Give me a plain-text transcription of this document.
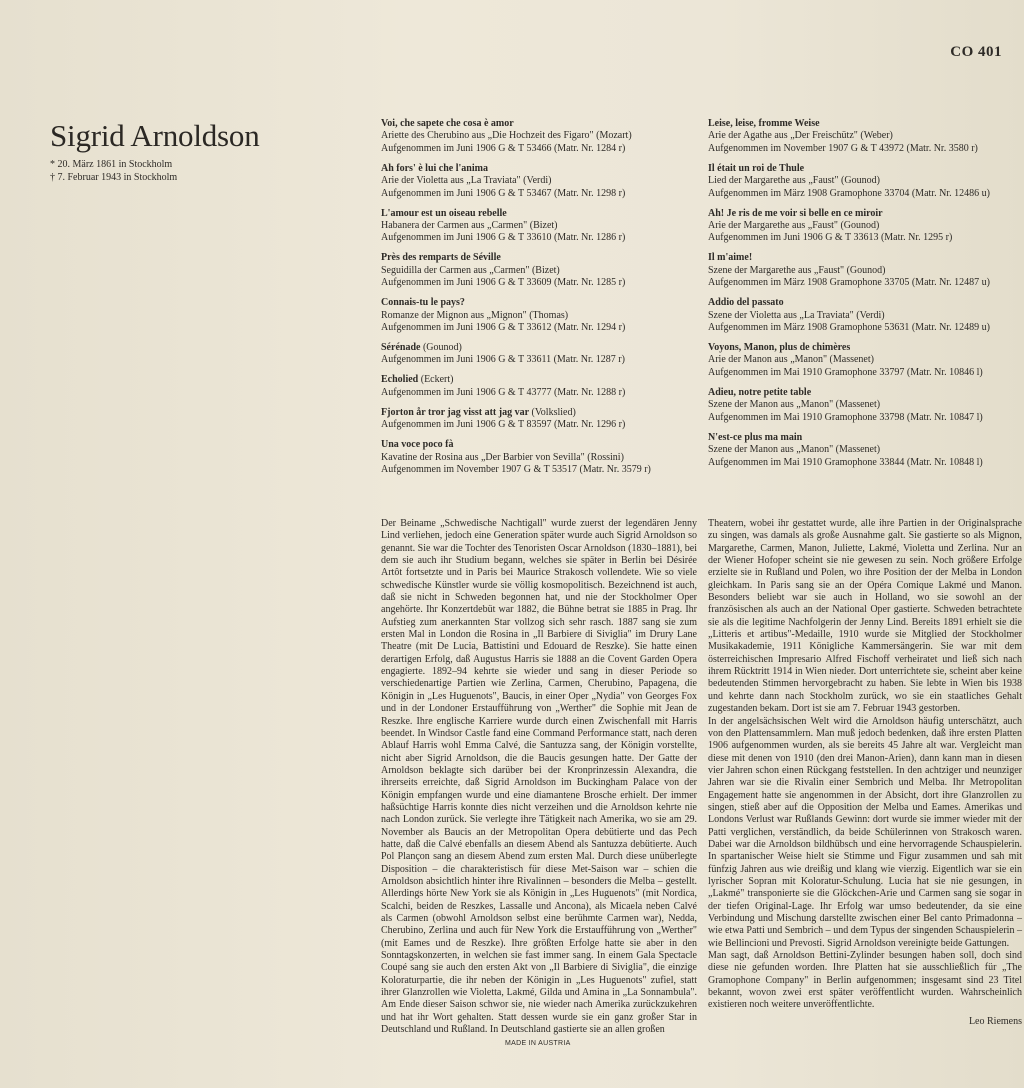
CO 401
Sigrid Arnoldson
* 20. März 1861 in Stockholm
† 7. Februar 1943 in Stockholm
Voi, che sapete che cosa è amor
Ariette des Cherubino aus „Die Hochzeit des Figaro" (Mozart)
Aufgenommen im Juni 1906 G & T 53466 (Matr. Nr. 1284 r)
Ah fors' è lui che l'anima
Arie der Violetta aus „La Traviata" (Verdi)
Aufgenommen im Juni 1906 G & T 53467 (Matr. Nr. 1298 r)
L'amour est un oiseau rebelle
Habanera der Carmen aus „Carmen" (Bizet)
Aufgenommen im Juni 1906 G & T 33610 (Matr. Nr. 1286 r)
Près des remparts de Séville
Seguidilla der Carmen aus „Carmen" (Bizet)
Aufgenommen im Juni 1906 G & T 33609 (Matr. Nr. 1285 r)
Connais-tu le pays?
Romanze der Mignon aus „Mignon" (Thomas)
Aufgenommen im Juni 1906 G & T 33612 (Matr. Nr. 1294 r)
Sérénade (Gounod)
Aufgenommen im Juni 1906 G & T 33611 (Matr. Nr. 1287 r)
Echolied (Eckert)
Aufgenommen im Juni 1906 G & T 43777 (Matr. Nr. 1288 r)
Fjorton år tror jag visst att jag var (Volkslied)
Aufgenommen im Juni 1906 G & T 83597 (Matr. Nr. 1296 r)
Una voce poco fà
Kavatine der Rosina aus „Der Barbier von Sevilla" (Rossini)
Aufgenommen im November 1907 G & T 53517 (Matr. Nr. 3579 r)
Leise, leise, fromme Weise
Arie der Agathe aus „Der Freischütz" (Weber)
Aufgenommen im November 1907 G & T 43972 (Matr. Nr. 3580 r)
Il était un roi de Thule
Lied der Margarethe aus „Faust" (Gounod)
Aufgenommen im März 1908 Gramophone 33704 (Matr. Nr. 12486 u)
Ah! Je ris de me voir si belle en ce miroir
Arie der Margarethe aus „Faust" (Gounod)
Aufgenommen im Juni 1906 G & T 33613 (Matr. Nr. 1295 r)
Il m'aime!
Szene der Margarethe aus „Faust" (Gounod)
Aufgenommen im März 1908 Gramophone 33705 (Matr. Nr. 12487 u)
Addio del passato
Szene der Violetta aus „La Traviata" (Verdi)
Aufgenommen im März 1908 Gramophone 53631 (Matr. Nr. 12489 u)
Voyons, Manon, plus de chimères
Arie der Manon aus „Manon" (Massenet)
Aufgenommen im Mai 1910 Gramophone 33797 (Matr. Nr. 10846 l)
Adieu, notre petite table
Szene der Manon aus „Manon" (Massenet)
Aufgenommen im Mai 1910 Gramophone 33798 (Matr. Nr. 10847 l)
N'est-ce plus ma main
Szene der Manon aus „Manon" (Massenet)
Aufgenommen im Mai 1910 Gramophone 33844 (Matr. Nr. 10848 l)

Der Beiname „Schwedische Nachtigall" wurde zuerst der legendären Jenny Lind verliehen, jedoch eine Generation später wurde auch Sigrid Arnoldson so genannt. Sie war die Tochter des Tenoristen Oscar Arnoldson (1830–1881), bei dem sie auch ihr Studium begann, welches sie später in Berlin bei Désirée Artôt fortsetzte und in Paris bei Maurice Strakosch vollendete. Wie so viele schwedische Künstler wurde sie völlig kosmopolitisch. Bezeichnend ist auch, daß sie nicht in Schweden begonnen hat, und nie der Stockholmer Oper angehörte. Ihr Konzertdebüt war 1882, die Bühne betrat sie 1885 in Prag. Ihr Aufstieg zum anerkannten Star vollzog sich sehr rasch. 1887 sang sie zum ersten Mal in London die Rosina in „Il Barbiere di Siviglia" im Drury Lane Theatre (mit De Lucia, Battistini und Edouard de Reszke). Sie hatte einen derartigen Erfolg, daß Augustus Harris sie 1888 an die Covent Garden Opera engagierte. 1892–94 kehrte sie wieder und sang in dieser Periode so verschiedenartige Partien wie Zerlina, Carmen, Cherubino, Papagena, die Königin in „Les Huguenots", Baucis, in einer Oper „Nydia" von Georges Fox und in der Londoner Erstaufführung von „Werther" die Sophie mit Jean de Reszke. Ihre englische Karriere wurde durch einen Zwischenfall mit Harris beendet. In Windsor Castle fand eine Command Performance statt, nach deren Ablauf Harris wohl Emma Calvé, die Santuzza sang, der Königin vorstellte, nicht aber Sigrid Arnoldson, die die Baucis gesungen hatte. Der Gatte der Arnoldson beklagte sich darüber bei der Kronprinzessin Alexandra, die ihrerseits erreichte, daß Sigrid Arnoldson im Buckingham Palace von der Königin empfangen wurde und eine diamantene Brosche erhielt. Der immer haßsüchtige Harris konnte dies nicht verzeihen und die Arnoldson kehrte nie nach London zurück. Sie verlegte ihre Tätigkeit nach Amerika, wo sie am 29. November als Baucis an der Metropolitan Opera debütierte und das Pech hatte, daß die Calvé ebenfalls an diesem Abend als Santuzza debütierte. Auch Pol Plançon sang an diesem Abend zum ersten Mal. Durch diese unüberlegte Disposition – die charakteristisch für diese Met-Saison war – schien die Arnoldson absichtlich hinter ihre Rivalinnen – besonders die Melba – gestellt. Allerdings hörte New York sie als Königin in „Les Huguenots" (mit Nordica, Scalchi, beiden de Reszkes, Lassalle und Ancona), als Micaela neben Calvé als Carmen (obwohl Arnoldson selbst eine berühmte Carmen war), Nedda, Cherubino, Zerlina und auch für New York die Erstaufführung von „Werther" (mit Eames und de Reszke). Ihre größten Erfolge hatte sie aber in den Sonntagskonzerten, in welchen sie fast immer sang. In einem Gala Spectacle Coupé sang sie auch den ersten Akt von „Il Barbiere di Siviglia", die einzige Koloraturpartie, die ihr neben der Königin in „Les Huguenots" zufiel, statt ihrer Glanzrollen wie Violetta, Lakmé, Gilda und Amina in „La Sonnambula". Am Ende dieser Saison schwor sie, nie wieder nach Amerika zurückzukehren und hat ihr Wort gehalten. Statt dessen wurde sie ein ganz großer Star in Deutschland und Rußland. In Deutschland gastierte sie an allen großen

Theatern, wobei ihr gestattet wurde, alle ihre Partien in der Originalsprache zu singen, was damals als große Ausnahme galt. Sie gastierte so als Mignon, Margarethe, Carmen, Manon, Juliette, Lakmé, Violetta und Zerlina. Nur an der Wiener Hofoper scheint sie nie gewesen zu sein. Noch größere Erfolge erzielte sie in Rußland und Polen, wo ihre Position der der Melba in London gleichkam. In Paris sang sie an der Opéra Comique Lakmé und Manon. Besonders beliebt war sie auch in Holland, wo sie sowohl an der französischen als auch an der National Oper gastierte. Schweden betrachtete sie als die legitime Nachfolgerin der Jenny Lind. Bereits 1891 erhielt sie die „Litteris et artibus"-Medaille, 1910 wurde sie Mitglied der Stockholmer Musikakademie, 1911 Königliche Kammersängerin. Sie war mit dem österreichischen Impresario Alfred Fischoff verheiratet und ließ sich nach ihrem Rücktritt 1914 in Wien nieder. Dort unterrichtete sie, scheint aber keine bedeutenden Stimmen hervorgebracht zu haben. Sie lebte in Wien bis 1938 und kehrte dann nach Stockholm zurück, wo sie ein staatliches Gehalt zugestanden bekam. Dort ist sie am 7. Februar 1943 gestorben.

In der angelsächsischen Welt wird die Arnoldson häufig unterschätzt, auch von den Plattensammlern. Man muß jedoch bedenken, daß ihre ersten Platten 1906 aufgenommen wurden, als sie bereits 45 Jahre alt war. Vergleicht man diese mit denen von 1910 (den drei Manon-Arien), dann kann man in diesen vier Jahren schon einen Rückgang feststellen. In den achtziger und neunziger Jahren war sie die Rivalin einer Sembrich und Melba. Ihr Metropolitan Engagement hatte sie angenommen in der Absicht, dort ihre Glanzrollen zu singen, stieß aber auf die Opposition der Melba und Eames. Amerikas und Londons Verlust war Rußlands Gewinn: dort wurde sie immer wieder mit der Patti verglichen, verständlich, da beide Schülerinnen von Strakosch waren. Dabei war die Arnoldson bildhübsch und eine hervorragende Schauspielerin. In spartanischer Weise hielt sie Stimme und Figur zusammen und sah mit fünfzig Jahren aus wie dreißig und klang wie vierzig. Eigentlich war sie ein lyrischer Sopran mit Koloratur-Schulung. Lucia hat sie nie gesungen, in „Lakmé" transponierte sie die Glöckchen-Arie und Carmen sang sie sogar in der tiefen Original-Lage. Ihr Erfolg war umso bedeutender, da sie eine Verbindung und Mischung darstellte zwischen einer Bel canto Primadonna – wie etwa Patti und Sembrich – und dem Typus der singenden Schauspielerin – wie Bellincioni und Prevosti. Sigrid Arnoldson vereinigte beide Gattungen.

Man sagt, daß Arnoldson Bettini-Zylinder besungen haben soll, doch sind diese nie gefunden worden. Ihre Platten hat sie ausschließlich für „The Gramophone Company" in Berlin aufgenommen; insgesamt sind 23 Titel bekannt, wovon zwei erst später veröffentlicht wurden. Wahrscheinlich existieren noch weitere unveröffentlichte.

Leo Riemens
MADE IN AUSTRIA
